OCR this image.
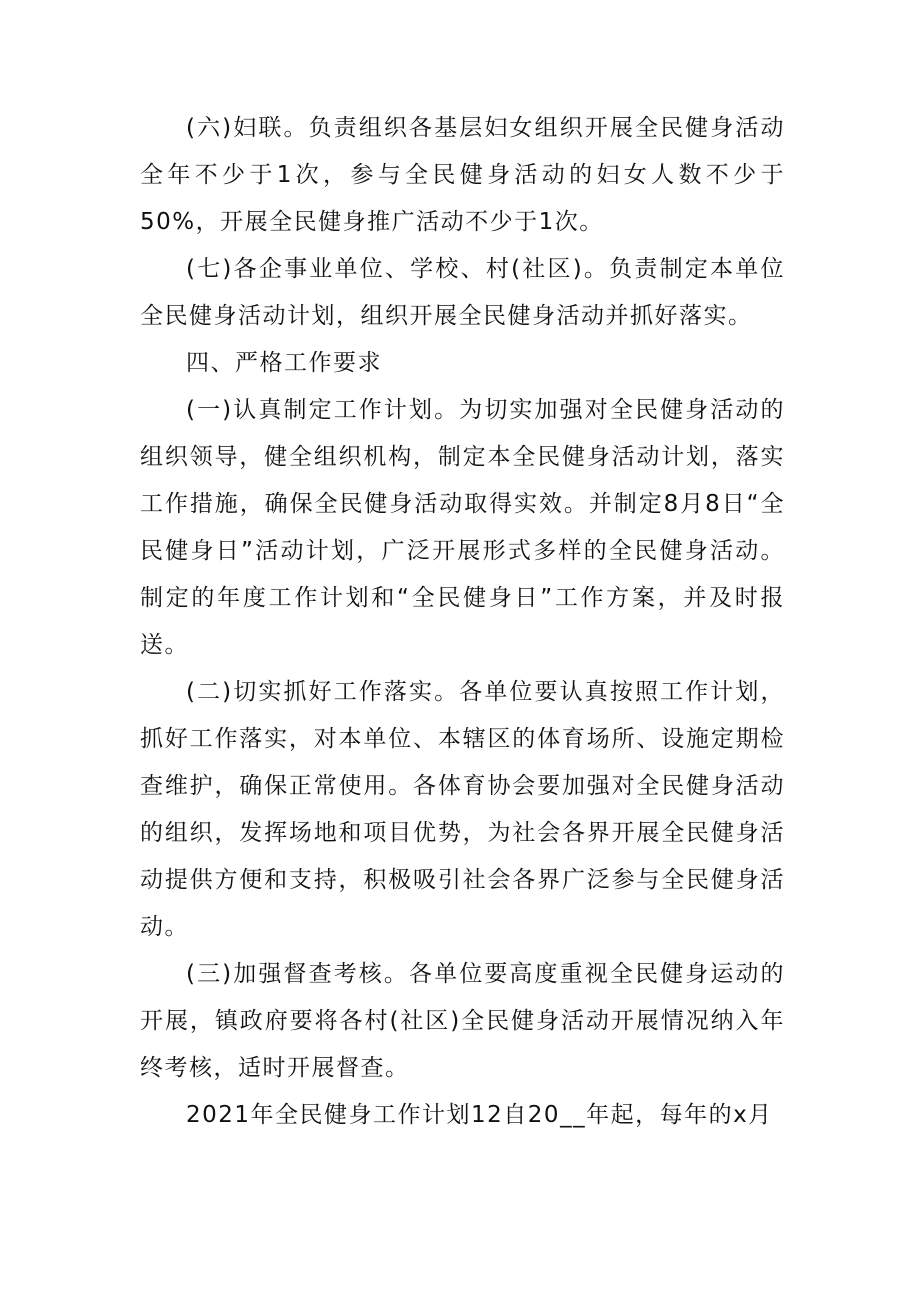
(六)妇联。负责组织各基层妇女组织开展全民健身活动全年不少于1次，参与全民健身活动的妇女人数不少于50%，开展全民健身推广活动不少于1次。

(七)各企事业单位、学校、村(社区)。负责制定本单位全民健身活动计划，组织开展全民健身活动并抓好落实。

四、严格工作要求

(一)认真制定工作计划。为切实加强对全民健身活动的组织领导，健全组织机构，制定本全民健身活动计划，落实工作措施，确保全民健身活动取得实效。并制定8月8日“全民健身日”活动计划，广泛开展形式多样的全民健身活动。制定的年度工作计划和“全民健身日”工作方案，并及时报送。

(二)切实抓好工作落实。各单位要认真按照工作计划，抓好工作落实，对本单位、本辖区的体育场所、设施定期检查维护，确保正常使用。各体育协会要加强对全民健身活动的组织，发挥场地和项目优势，为社会各界开展全民健身活动提供方便和支持，积极吸引社会各界广泛参与全民健身活动。

(三)加强督查考核。各单位要高度重视全民健身运动的开展，镇政府要将各村(社区)全民健身活动开展情况纳入年终考核，适时开展督查。

2021年全民健身工作计划12自20__年起，每年的x月
